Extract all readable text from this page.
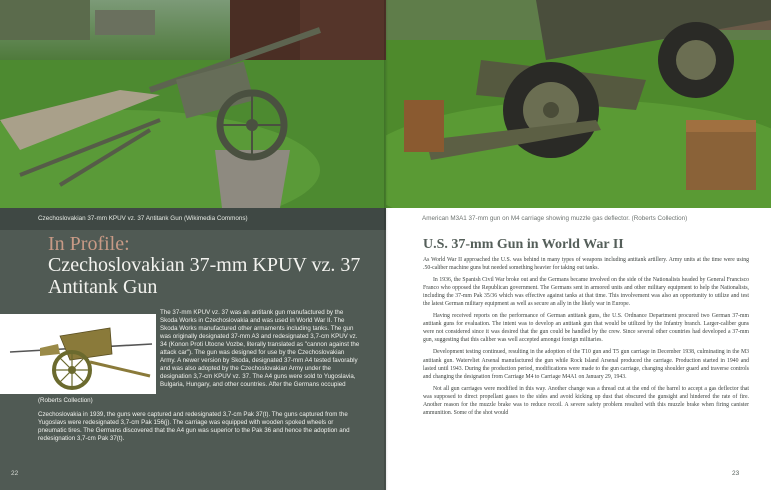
Czechoslovakian 37-mm KPUV vz. 37 Antitank Gun (Wikimedia Commons)
In Profile:
Czechoslovakian 37-mm KPUV vz. 37 Antitank Gun
(Roberts Collection)
The 37-mm KPUV vz. 37 was an antitank gun manufactured by the Skoda Works in Czechoslovakia and was used in World War II. The Skoda Works manufactured other armaments including tanks. The gun was originally designated 37-mm A3 and redesignated 3,7-cm KPUV vz. 34 (Konon Proti Utocne Vozbe, literally translated as "cannon against the attack car"). The gun was designed for use by the Czechoslovakian Army. A newer version by Skoda, designated 37-mm A4 tested favorably and was also adopted by the Czechoslovakian Army under the designation 3,7-cm KPUV vz. 37. The A4 guns were sold to Yugoslavia, Bulgaria, Hungary, and other countries. After the Germans occupied
Czechoslovakia in 1939, the guns were captured and redesignated 3,7-cm Pak 37(t). The guns captured from the Yugoslavs were redesignated 3,7-cm Pak 156(j). The carriage was equipped with wooden spoked wheels or pneumatic tires. The Germans discovered that the A4 gun was superior to the Pak 36 and hence the adoption and redesignation 3,7-cm Pak 37(t).
22
American M3A1 37-mm gun on M4 carriage showing muzzle gas deflector. (Roberts Collection)
U.S. 37-mm Gun in World War II

As World War II approached the U.S. was behind in many types of weapons including antitank artillery. Army units at the time were using .50-caliber machine guns but needed something heavier for taking out tanks.

In 1936, the Spanish Civil War broke out and the Germans became involved on the side of the Nationalists headed by General Francisco Franco who opposed the Republican government. The Germans sent in armored units and other military equipment to help the Nationalists, including the 37-mm Pak 35/36 which was effective against tanks at that time. This involvement was also an opportunity to utilize and test the latest German military equipment as well as secure an ally in the likely war in Europe.

Having received reports on the performance of German antitank guns, the U.S. Ordnance Department procured two German 37-mm antitank guns for evaluation. The intent was to develop an antitank gun that would be utilized by the Infantry branch. Larger-caliber guns were not considered since it was desired that the gun could be handled by the crew. Since several other countries had developed a 37-mm gun, suggesting that this caliber was well accepted amongst foreign militaries.

Development testing continued, resulting in the adoption of the T10 gun and T5 gun carriage in December 1938, culminating in the M3 antitank gun. Watervliet Arsenal manufactured the gun while Rock Island Arsenal produced the carriage. Production started in 1940 and lasted until 1943. During the production period, modifications were made to the gun carriage, changing shoulder guard and traverse controls and changing the designation from Carriage M4 to Carriage M4A1 on January 29, 1943.

Not all gun carriages were modified in this way. Another change was a thread cut at the end of the barrel to accept a gas deflector that was supposed to direct propellant gases to the sides and avoid kicking up dust that obscured the gunsight and hindered the rate of fire. Another reason for the muzzle brake was to reduce recoil. A severe safety problem resulted with this muzzle brake when firing canister ammunition. Some of the shot would

23
